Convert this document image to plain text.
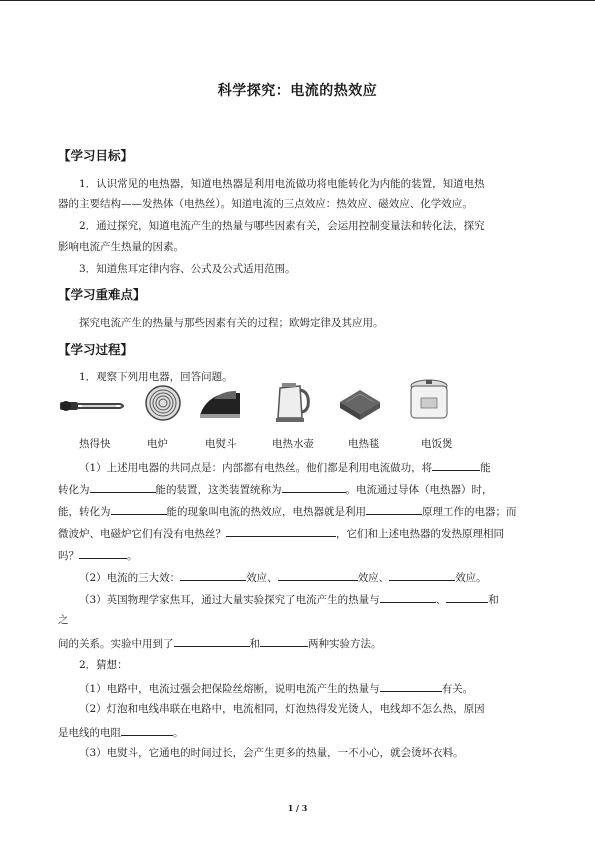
科学探究：电流的热效应
【学习目标】
1．认识常见的电热器，知道电热器是利用电流做功将电能转化为内能的装置，知道电热
器的主要结构——发热体（电热丝）。知道电流的三点效应：热效应、磁效应、化学效应。
2．通过探究，知道电流产生的热量与哪些因素有关，会运用控制变量法和转化法，探究
影响电流产生热量的因素。
3．知道焦耳定律内容、公式及公式适用范围。
【学习重难点】
探究电流产生的热量与那些因素有关的过程；欧姆定律及其应用。
【学习过程】
1．观察下列用电器，回答问题。
热得快	电炉	电熨斗	电热水壶	电热毯	电饭煲
（1）上述用电器的共同点是：内部都有电热丝。他们都是利用电流做功，将	能
转化为	能的装置，这类装置统称为	。电流通过导体（电热器）时，
能，转化为	能的现象叫电流的热效应，电热器就是利用	原理工作的电器；而
微波炉、电磁炉它们有没有电热丝？	，它们和上述电热器的发热原理相同
吗？	。
（2）电流的三大效：	效应、	效应、	效应。
（3）英国物理学家焦耳，通过大量实验探究了电流产生的热量与	、	和
之
间的关系。实验中用到了	和	两种实验方法。
2．猜想：
（1）电路中，电流过强会把保险丝熔断，说明电流产生的热量与	有关。
（2）灯泡和电线串联在电路中，电流相同，灯泡热得发光烫人，电线却不怎么热，原因
是电线的电阻	。
（3）电熨斗，它通电的时间过长，会产生更多的热量，一不小心，就会烫坏衣料。
1 / 3
